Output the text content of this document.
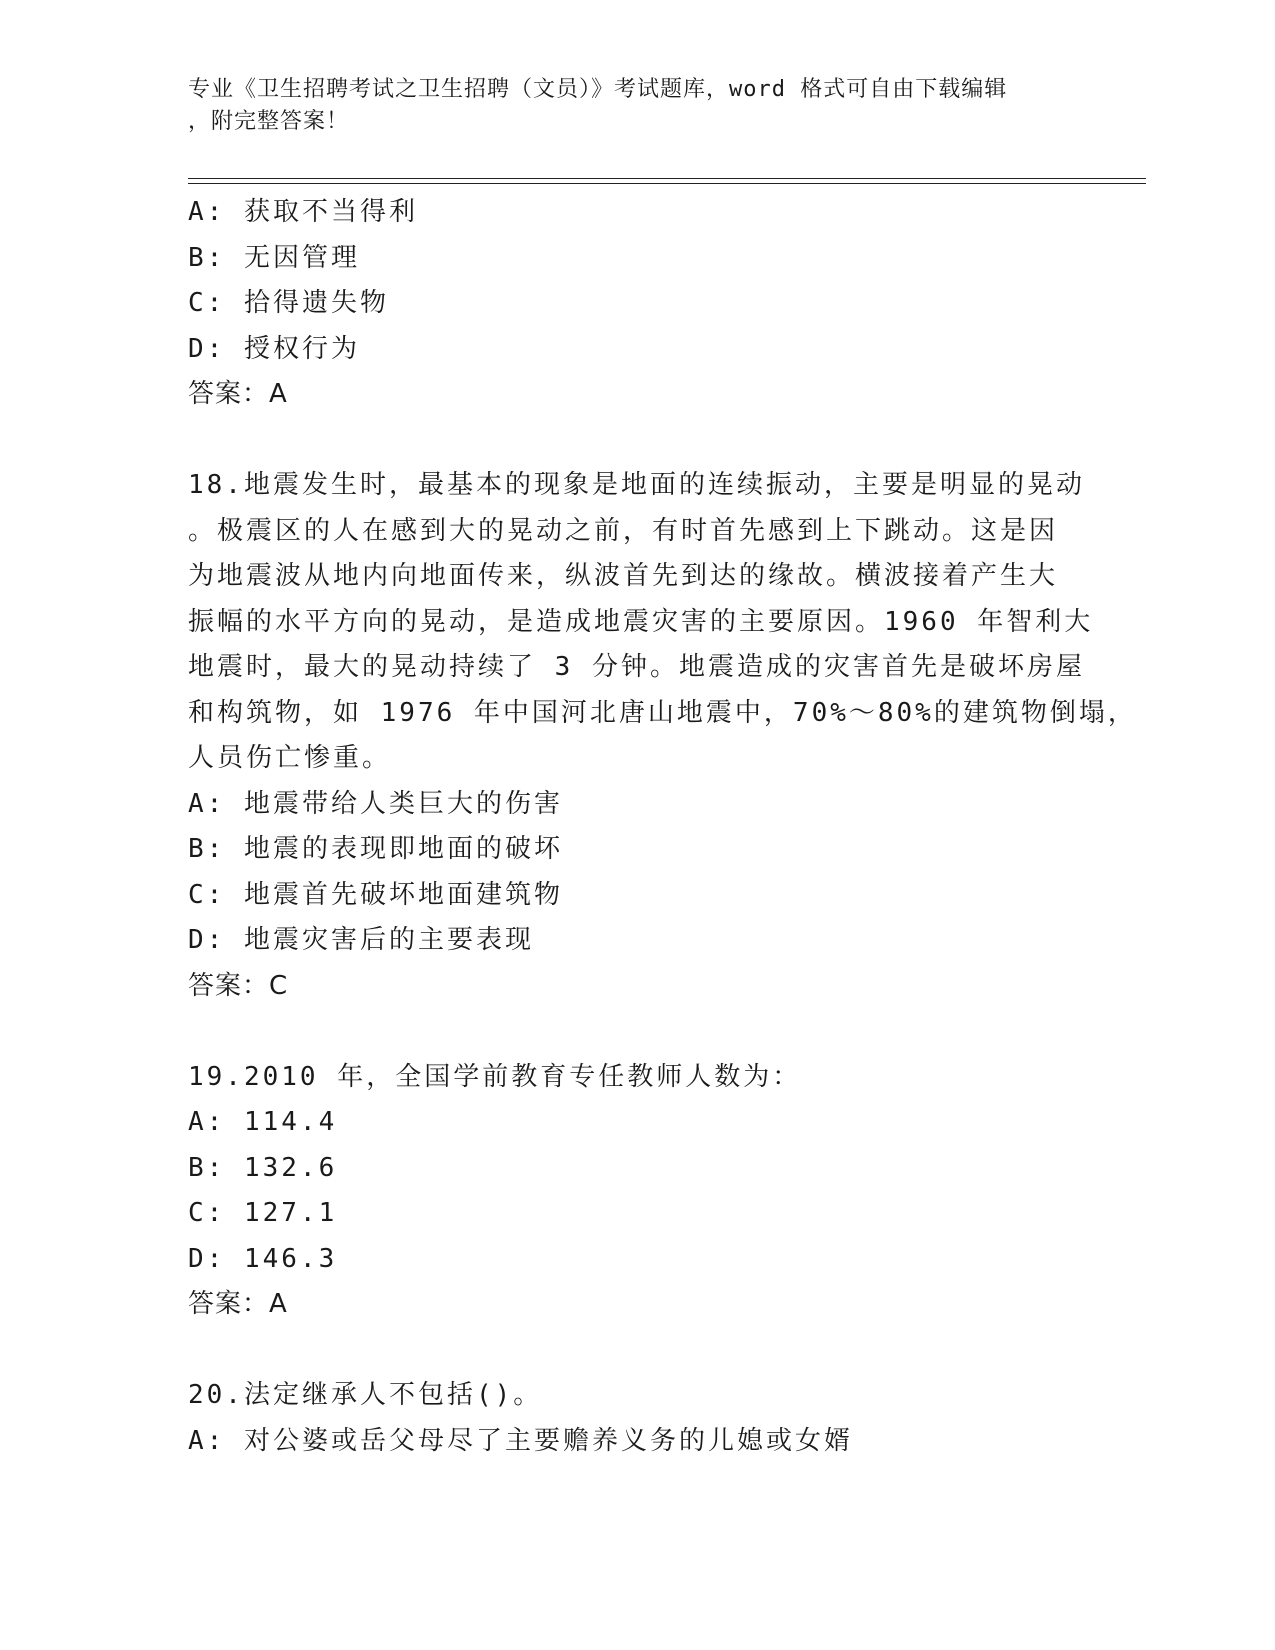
专业《卫生招聘考试之卫生招聘（文员）》考试题库，word 格式可自由下载编辑
，附完整答案！
A: 获取不当得利
B: 无因管理
C: 拾得遗失物
D: 授权行为
答案：A
18.地震发生时，最基本的现象是地面的连续振动，主要是明显的晃动
。极震区的人在感到大的晃动之前，有时首先感到上下跳动。这是因
为地震波从地内向地面传来，纵波首先到达的缘故。横波接着产生大
振幅的水平方向的晃动，是造成地震灾害的主要原因。1960 年智利大
地震时，最大的晃动持续了 3 分钟。地震造成的灾害首先是破坏房屋
和构筑物，如 1976 年中国河北唐山地震中，70%～80%的建筑物倒塌，
人员伤亡惨重。
A: 地震带给人类巨大的伤害
B: 地震的表现即地面的破坏
C: 地震首先破坏地面建筑物
D: 地震灾害后的主要表现
答案：C
19.2010 年，全国学前教育专任教师人数为：
A: 114.4
B: 132.6
C: 127.1
D: 146.3
答案：A
20.法定继承人不包括()。
A: 对公婆或岳父母尽了主要赡养义务的儿媳或女婿
